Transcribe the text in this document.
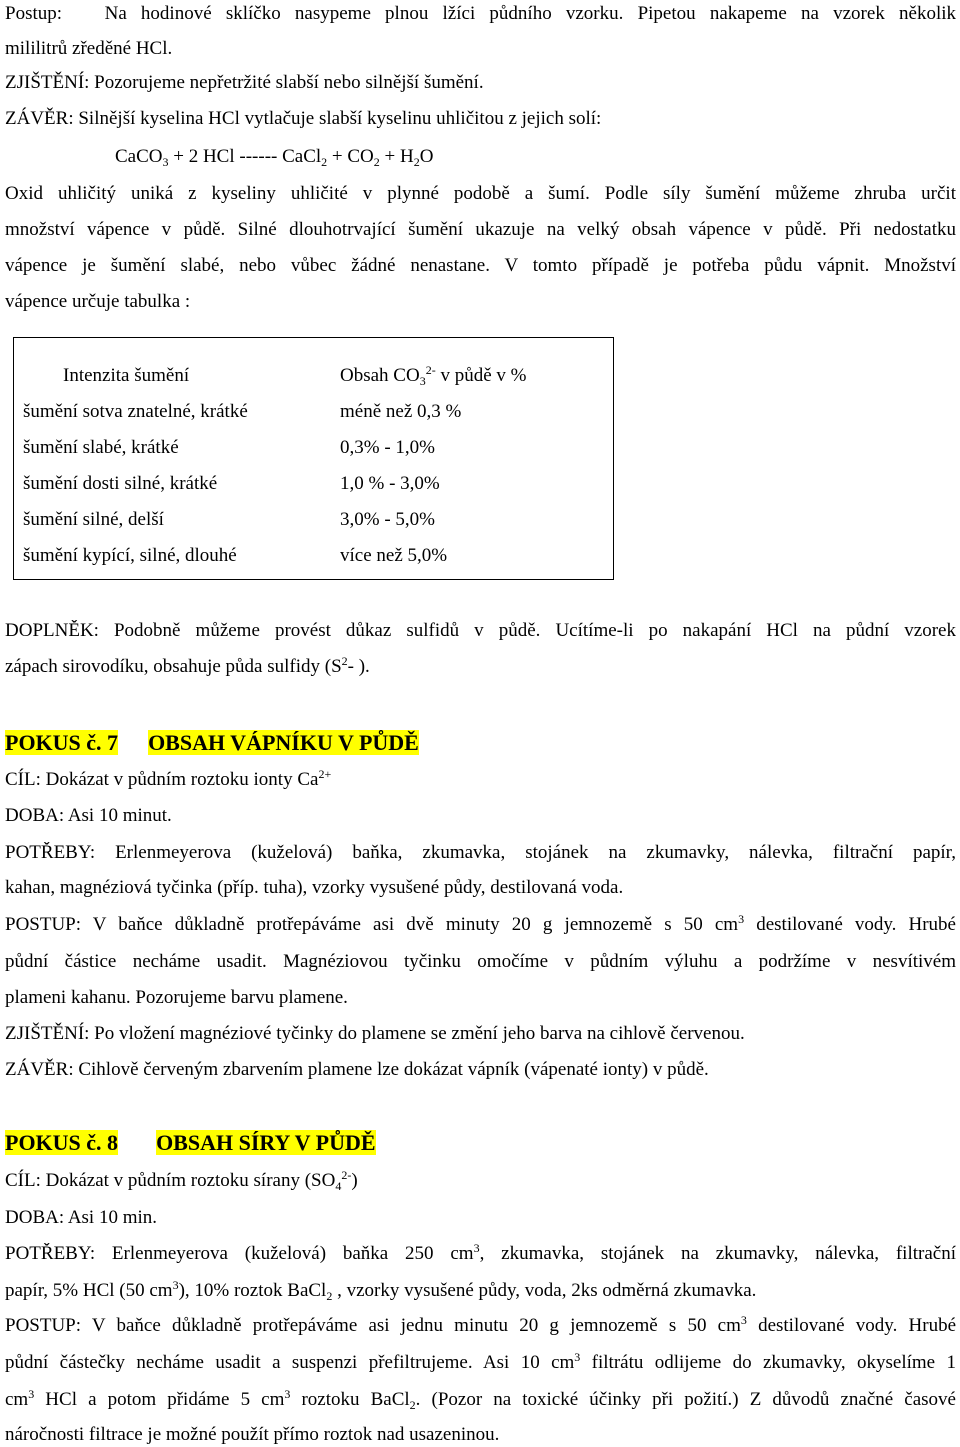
Postup: Na hodinové sklíčko nasypeme plnou lžíci půdního vzorku. Pipetou nakapeme na vzorek několik
mililitrů zředěné HCl.
ZJIŠTĚNÍ: Pozorujeme nepřetržité slabší nebo silnější šumění.
ZÁVĚR: Silnější kyselina HCl vytlačuje slabší kyselinu uhličitou z jejich solí:
CaCO$_3$ + 2 HCl ------ CaCl$_2$ + $CO_2 + H_2O$
Oxid uhličitý uniká z kyseliny uhličité v plynné podobě a šumí. Podle síly šumění můžeme zhruba určit
množství vápence v půdě. Silné dlouhotrvající šumění ukazuje na velký obsah vápence v půdě. Při nedostatku
vápence je šumění slabé, nebo vůbec žádné nenastane. V tomto případě je potřeba půdu vápnit. Množství
vápence určuje tabulka :
Intenzita šumění	Obsah $CO_3^{2-}$ v půdě v %
šumění sotva znatelné, krátké	méně než 0,3 %
šumění slabé, krátké	0,3% - 1,0%
šumění dosti silné, krátké	1,0 % - 3,0%
šumění silné, delší	3,0% - 5,0%
šumění kypící, silné, dlouhé	více než 5,0%
DOPLNĚK: Podobně můžeme provést důkaz sulfidů v půdě. Ucítíme-li po nakapání HCl na půdní vzorek
zápach sirovodíku, obsahuje půda sulfidy ($S^2-$ ).
POKUS č. 7 OBSAH VÁPNÍKU V PŮDĚ
CÍL: Dokázat v půdním roztoku ionty $Ca^{2+}$
DOBA: Asi 10 minut.
POTŘEBY: Erlenmeyerova (kuželová) baňka, zkumavka, stojánek na zkumavky, nálevka, filtrační papír,
kahan, magnéziová tyčinka (příp. tuha), vzorky vysušené půdy, destilovaná voda.
POSTUP: V baňce důkladně protřepáváme asi dvě minuty 20 g jemnozemě s 50 $cm^3$ destilované vody. Hrubé
půdní částice necháme usadit. Magnéziovou tyčinku omočíme v půdním výluhu a podržíme v nesvítivém
plameni kahanu. Pozorujeme barvu plamene.
ZJIŠTĚNÍ: Po vložení magnéziové tyčinky do plamene se změní jeho barva na cihlově červenou.
ZÁVĚR: Cihlově červeným zbarvením plamene lze dokázat vápník (vápenaté ionty) v půdě.
POKUS č. 8 OBSAH SÍRY V PŮDĚ
CÍL: Dokázat v půdním roztoku sírany $(SO_4^{2-})$
DOBA: Asi 10 min.
POTŘEBY: Erlenmeyerova (kuželová) baňka 250 $cm^3$, zkumavka, stojánek na zkumavky, nálevka, filtrační
papír, 5% HCl (50 $cm^3$), 10% roztok BaCl$_2$ , vzorky vysušené půdy, voda, 2ks odměrná zkumavka.
POSTUP: V baňce důkladně protřepáváme asi jednu minutu 20 g jemnozemě s 50 $cm^3$ destilované vody. Hrubé
půdní částečky necháme usadit a suspenzi přefiltrujeme. Asi 10 $cm^3$ filtrátu odlijeme do zkumavky, okyselíme 1
$cm^3$ HCl a potom přidáme 5 $cm^3$ roztoku BaCl$_2$. (Pozor na toxické účinky při požití.) Z důvodů značné časové
náročnosti filtrace je možné použít přímo roztok nad usazeninou.
